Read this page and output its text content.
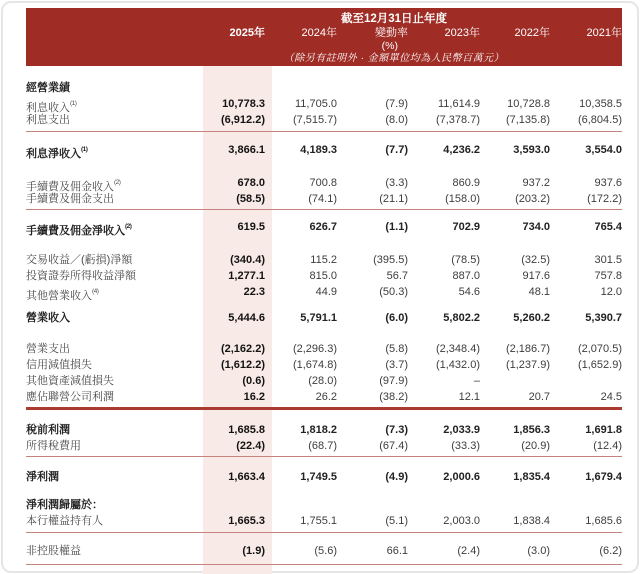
截至12月31日止年度
2025年	2024年	變動率	2023年	2022年	2021年
(%)
（除另有註明外 · 金額單位均為人民幣百萬元）
經營業績
利息收入$^{(1)}$	10,778.3	11,705.0	(7.9)	11,614.9	10,728.8	10,358.5
利息支出	(6,912.2)	(7,515.7)	(8.0)	(7,378.7)	(7,135.8)	(6,804.5)
利息淨收入$^{(1)}$	3,866.1	4,189.3	(7.7)	4,236.2	3,593.0	3,554.0
手續費及佣金收入$^{(2)}$	678.0	700.8	(3.3)	860.9	937.2	937.6
手續費及佣金支出	(58.5)	(74.1)	(21.1)	(158.0)	(203.2)	(172.2)
手續費及佣金淨收入$^{(2)}$	619.5	626.7	(1.1)	702.9	734.0	765.4
交易收益／(虧損)淨額	(340.4)	115.2	(395.5)	(78.5)	(32.5)	301.5
投資證券所得收益淨額	1,277.1	815.0	56.7	887.0	917.6	757.8
其他營業收入$^{(4)}$	22.3	44.9	(50.3)	54.6	48.1	12.0
營業收入	5,444.6	5,791.1	(6.0)	5,802.2	5,260.2	5,390.7
營業支出	(2,162.2)	(2,296.3)	(5.8)	(2,348.4)	(2,186.7)	(2,070.5)
信用減值損失	(1,612.2)	(1,674.8)	(3.7)	(1,432.0)	(1,237.9)	(1,652.9)
其他資產減值損失	(0.6)	(28.0)	(97.9)	–
應佔聯營公司利潤	16.2	26.2	(38.2)	12.1	20.7	24.5
稅前利潤	1,685.8	1,818.2	(7.3)	2,033.9	1,856.3	1,691.8
所得稅費用	(22.4)	(68.7)	(67.4)	(33.3)	(20.9)	(12.4)
淨利潤	1,663.4	1,749.5	(4.9)	2,000.6	1,835.4	1,679.4
淨利潤歸屬於：
本行權益持有人	1,665.3	1,755.1	(5.1)	2,003.0	1,838.4	1,685.6
非控股權益	(1.9)	(5.6)	66.1	(2.4)	(3.0)	(6.2)
